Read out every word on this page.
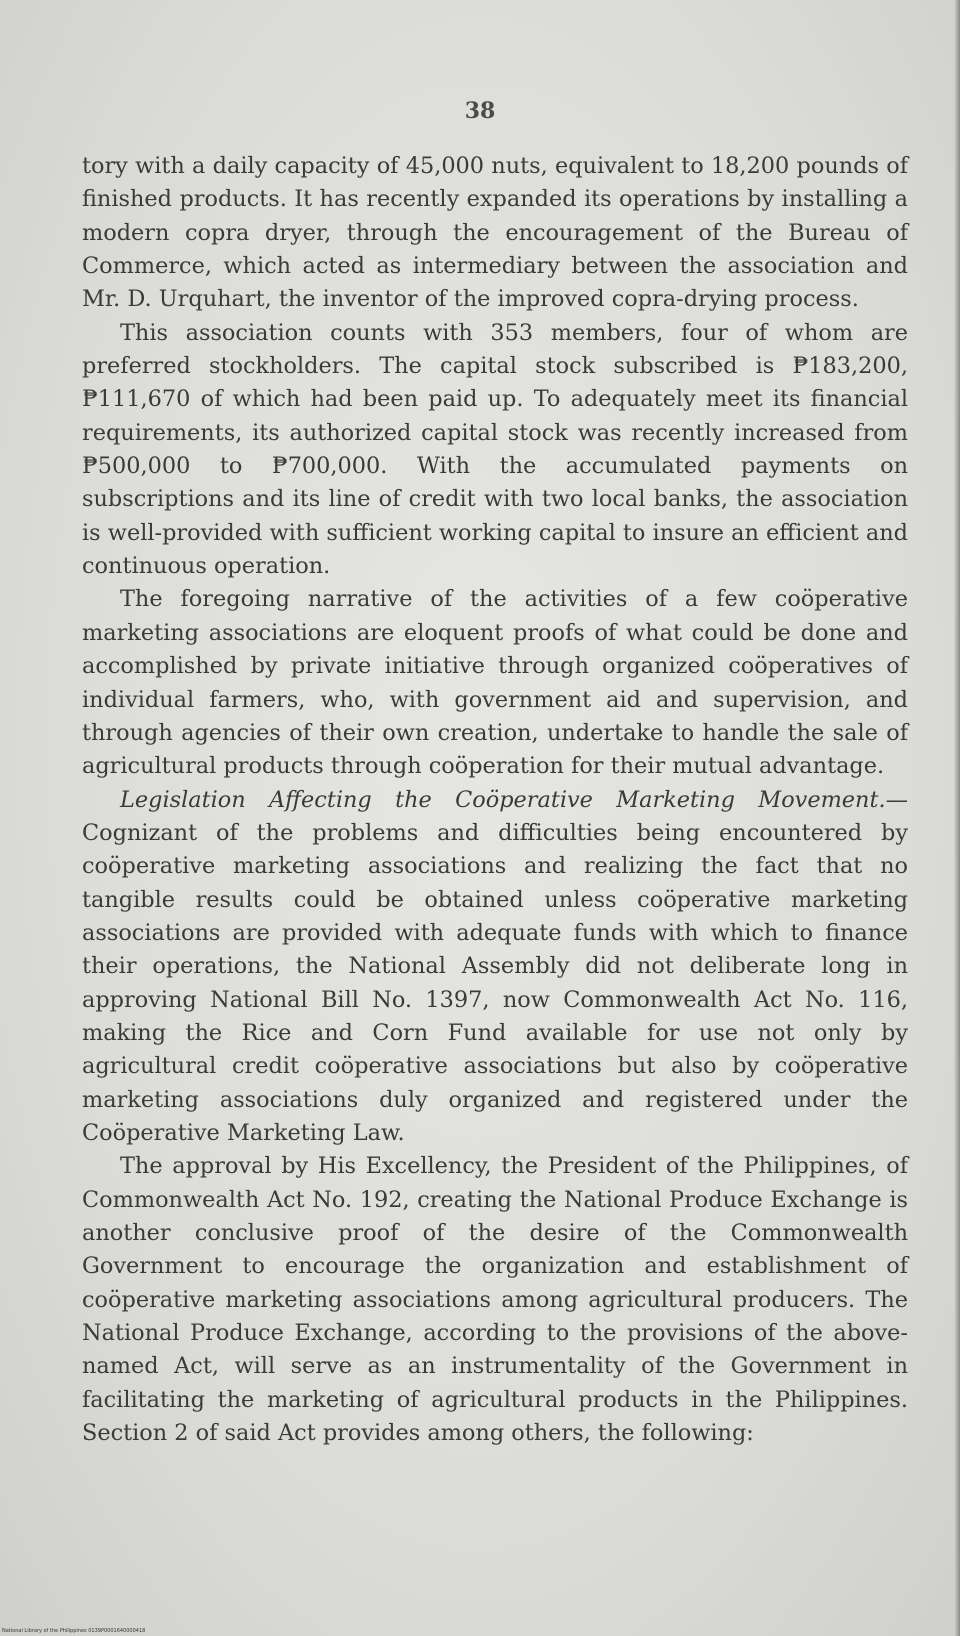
38

tory with a daily capacity of 45,000 nuts, equivalent to 18,200 pounds of finished products. It has recently expanded its operations by installing a modern copra dryer, through the encouragement of the Bureau of Commerce, which acted as intermediary between the association and Mr. D. Urquhart, the inventor of the improved copra-drying process.

This association counts with 353 members, four of whom are preferred stockholders. The capital stock subscribed is ₱183,200, ₱111,670 of which had been paid up. To adequately meet its financial requirements, its authorized capital stock was recently increased from ₱500,000 to ₱700,000. With the accumulated payments on subscriptions and its line of credit with two local banks, the association is well-provided with sufficient working capital to insure an efficient and continuous operation.

The foregoing narrative of the activities of a few coöperative marketing associations are eloquent proofs of what could be done and accomplished by private initiative through organized coöperatives of individual farmers, who, with government aid and supervision, and through agencies of their own creation, undertake to handle the sale of agricultural products through coöperation for their mutual advantage.

Legislation Affecting the Coöperative Marketing Movement.—Cognizant of the problems and difficulties being encountered by coöperative marketing associations and realizing the fact that no tangible results could be obtained unless coöperative marketing associations are provided with adequate funds with which to finance their operations, the National Assembly did not deliberate long in approving National Bill No. 1397, now Commonwealth Act No. 116, making the Rice and Corn Fund available for use not only by agricultural credit coöperative associations but also by coöperative marketing associations duly organized and registered under the Coöperative Marketing Law.

The approval by His Excellency, the President of the Philippines, of Commonwealth Act No. 192, creating the National Produce Exchange is another conclusive proof of the desire of the Commonwealth Government to encourage the organization and establishment of coöperative marketing associations among agricultural producers. The National Produce Exchange, according to the provisions of the above-named Act, will serve as an instrumentality of the Government in facilitating the marketing of agricultural products in the Philippines. Section 2 of said Act provides among others, the following:

National Library of the Philippines 0139P0001640000418
